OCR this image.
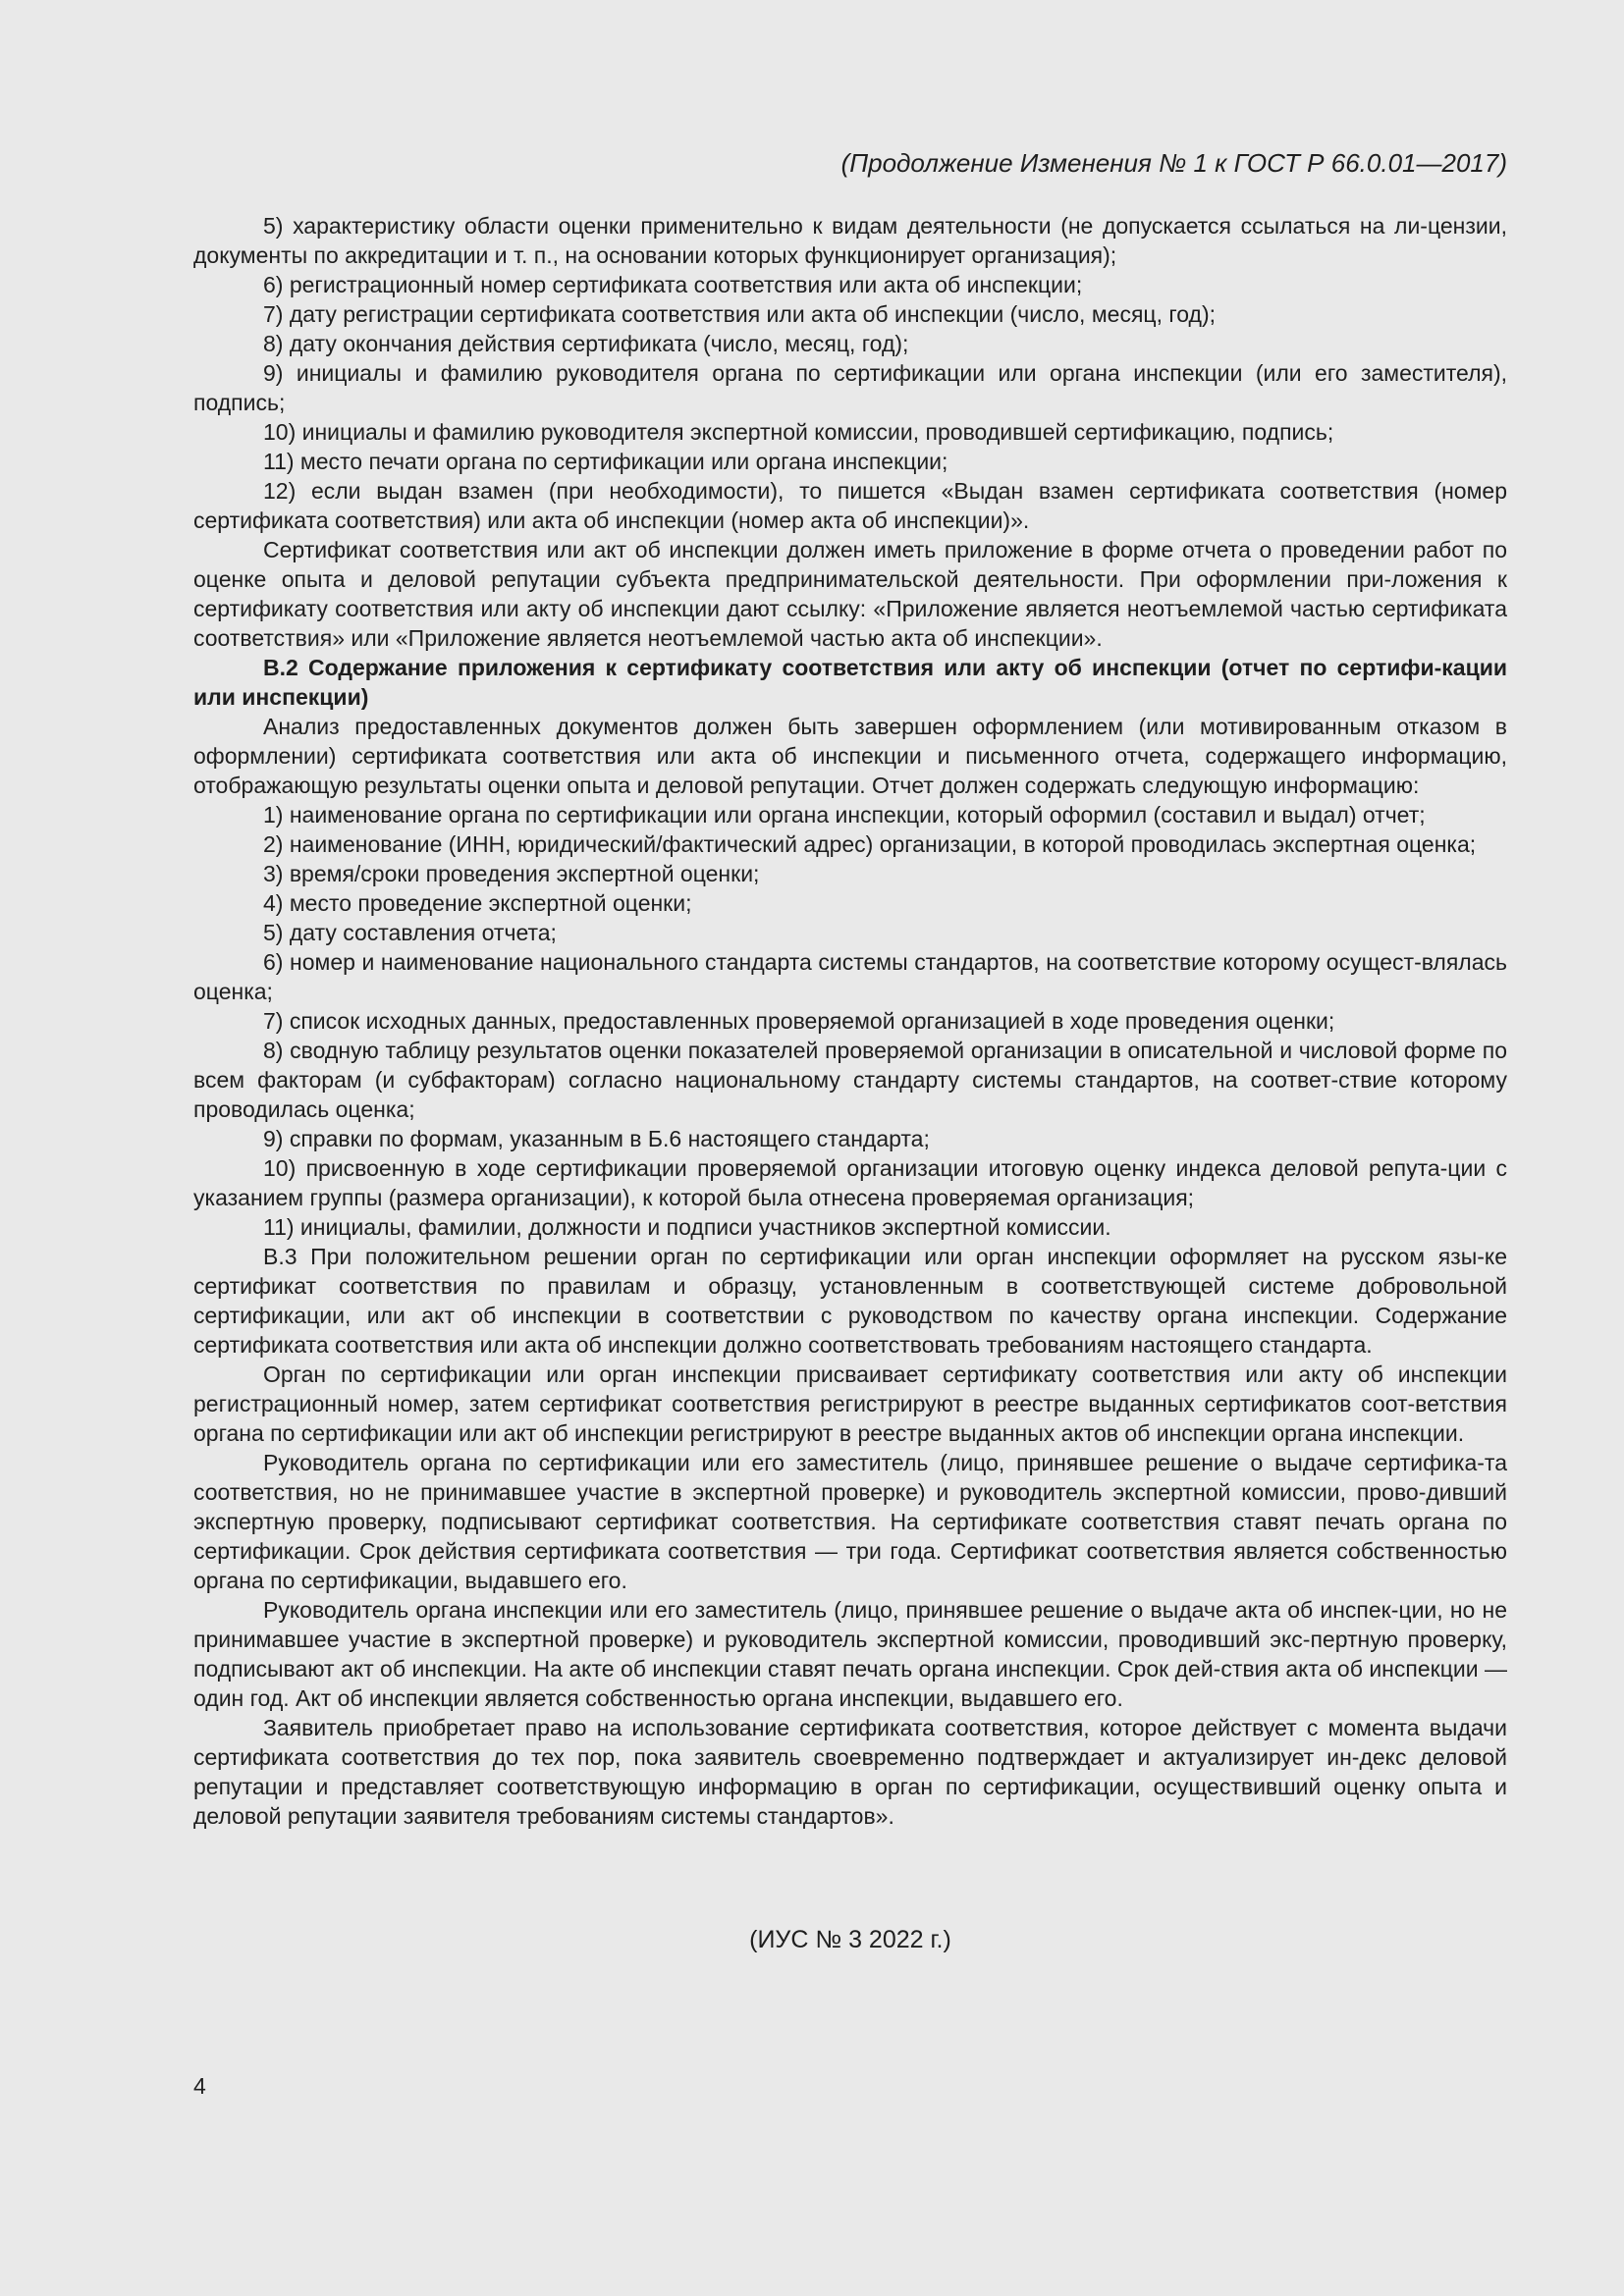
(Продолжение Изменения № 1 к ГОСТ Р 66.0.01—2017)

5) характеристику области оценки применительно к видам деятельности (не допускается ссылаться на ли-цензии, документы по аккредитации и т. п., на основании которых функционирует организация);

6) регистрационный номер сертификата соответствия или акта об инспекции;

7) дату регистрации сертификата соответствия или акта об инспекции (число, месяц, год);

8) дату окончания действия сертификата (число, месяц, год);

9) инициалы и фамилию руководителя органа по сертификации или органа инспекции (или его заместителя), подпись;

10) инициалы и фамилию руководителя экспертной комиссии, проводившей сертификацию, подпись;

11) место печати органа по сертификации или органа инспекции;

12) если выдан взамен (при необходимости), то пишется «Выдан взамен сертификата соответствия (номер сертификата соответствия) или акта об инспекции (номер акта об инспекции)».

Сертификат соответствия или акт об инспекции должен иметь приложение в форме отчета о проведении работ по оценке опыта и деловой репутации субъекта предпринимательской деятельности. При оформлении при-ложения к сертификату соответствия или акту об инспекции дают ссылку: «Приложение является неотъемлемой частью сертификата соответствия» или «Приложение является неотъемлемой частью акта об инспекции».

В.2 Содержание приложения к сертификату соответствия или акту об инспекции (отчет по сертифи-кации или инспекции)

Анализ предоставленных документов должен быть завершен оформлением (или мотивированным отказом в оформлении) сертификата соответствия или акта об инспекции и письменного отчета, содержащего информацию, отображающую результаты оценки опыта и деловой репутации. Отчет должен содержать следующую информацию:

1) наименование органа по сертификации или органа инспекции, который оформил (составил и выдал) отчет;

2) наименование (ИНН, юридический/фактический адрес) организации, в которой проводилась экспертная оценка;

3) время/сроки проведения экспертной оценки;

4) место проведение экспертной оценки;

5) дату составления отчета;

6) номер и наименование национального стандарта системы стандартов, на соответствие которому осущест-влялась оценка;

7) список исходных данных, предоставленных проверяемой организацией в ходе проведения оценки;

8) сводную таблицу результатов оценки показателей проверяемой организации в описательной и числовой форме по всем факторам (и субфакторам) согласно национальному стандарту системы стандартов, на соответ-ствие которому проводилась оценка;

9) справки по формам, указанным в Б.6 настоящего стандарта;

10) присвоенную в ходе сертификации проверяемой организации итоговую оценку индекса деловой репута-ции с указанием группы (размера организации), к которой была отнесена проверяемая организация;

11) инициалы, фамилии, должности и подписи участников экспертной комиссии.

В.3 При положительном решении орган по сертификации или орган инспекции оформляет на русском язы-ке сертификат соответствия по правилам и образцу, установленным в соответствующей системе добровольной сертификации, или акт об инспекции в соответствии с руководством по качеству органа инспекции. Содержание сертификата соответствия или акта об инспекции должно соответствовать требованиям настоящего стандарта.

Орган по сертификации или орган инспекции присваивает сертификату соответствия или акту об инспекции регистрационный номер, затем сертификат соответствия регистрируют в реестре выданных сертификатов соот-ветствия органа по сертификации или акт об инспекции регистрируют в реестре выданных актов об инспекции органа инспекции.

Руководитель органа по сертификации или его заместитель (лицо, принявшее решение о выдаче сертифика-та соответствия, но не принимавшее участие в экспертной проверке) и руководитель экспертной комиссии, прово-дивший экспертную проверку, подписывают сертификат соответствия. На сертификате соответствия ставят печать органа по сертификации. Срок действия сертификата соответствия — три года. Сертификат соответствия является собственностью органа по сертификации, выдавшего его.

Руководитель органа инспекции или его заместитель (лицо, принявшее решение о выдаче акта об инспек-ции, но не принимавшее участие в экспертной проверке) и руководитель экспертной комиссии, проводивший экс-пертную проверку, подписывают акт об инспекции. На акте об инспекции ставят печать органа инспекции. Срок дей-ствия акта об инспекции — один год. Акт об инспекции является собственностью органа инспекции, выдавшего его.

Заявитель приобретает право на использование сертификата соответствия, которое действует с момента выдачи сертификата соответствия до тех пор, пока заявитель своевременно подтверждает и актуализирует ин-декс деловой репутации и представляет соответствующую информацию в орган по сертификации, осуществивший оценку опыта и деловой репутации заявителя требованиям системы стандартов».

(ИУС № 3 2022 г.)
4
